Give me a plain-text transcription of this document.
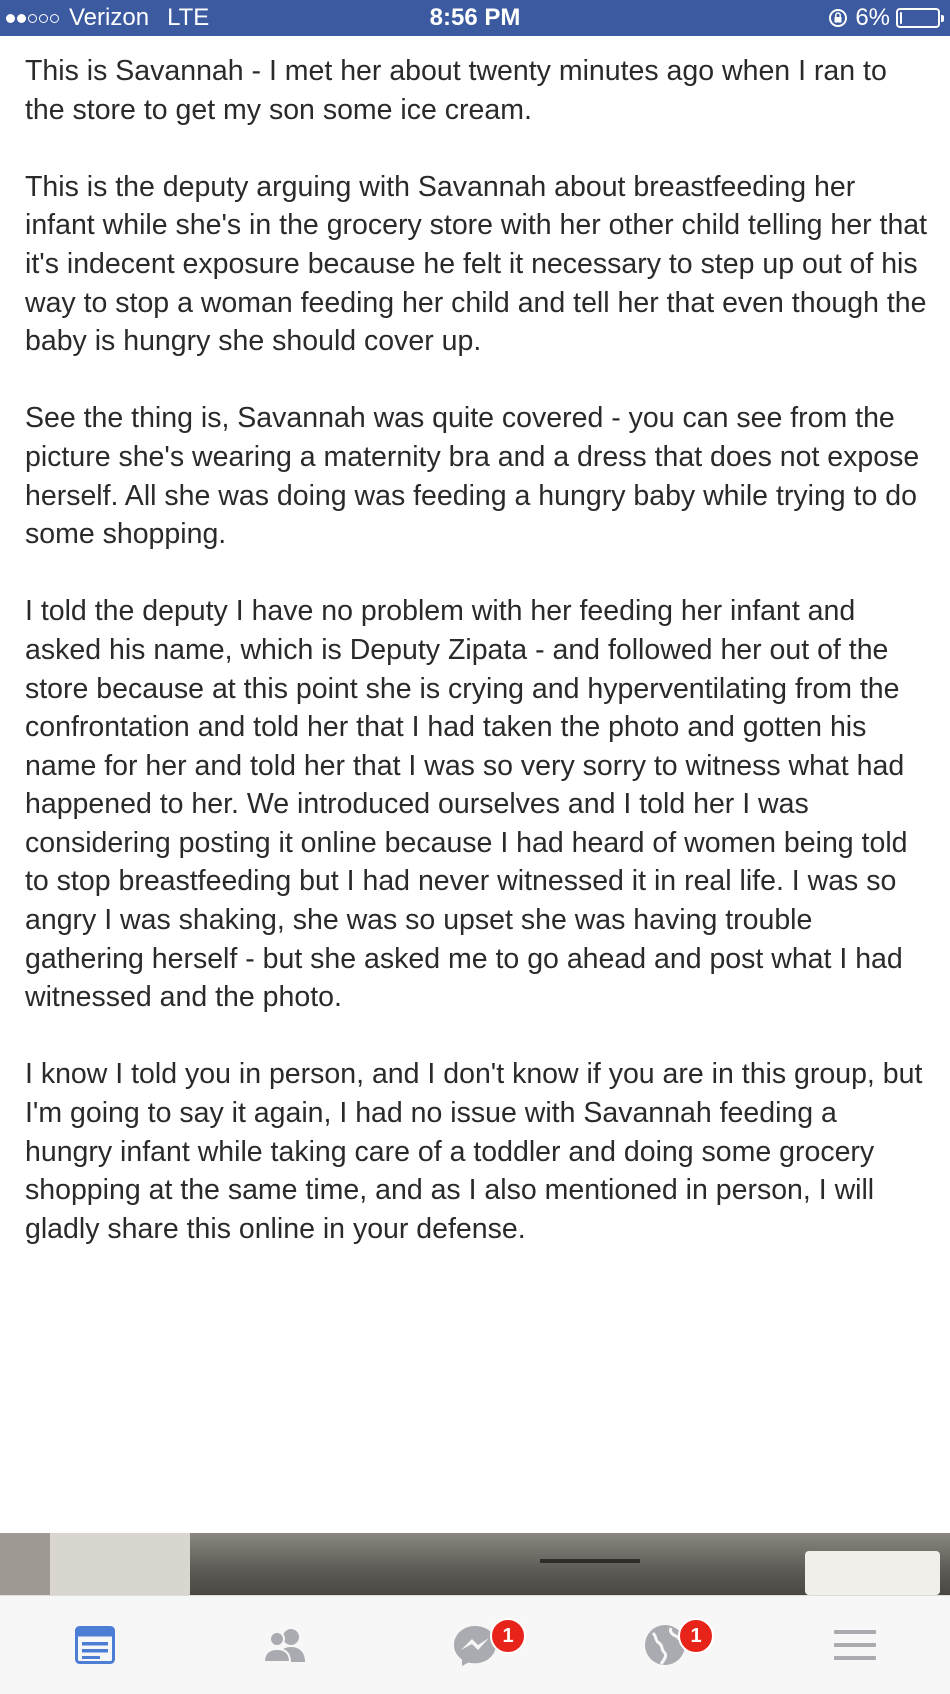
Verizon LTE	8:56 PM	6%

This is Savannah - I met her about twenty minutes ago when I ran to the store to get my son some ice cream.

This is the deputy arguing with Savannah about breastfeeding her infant while she's in the grocery store with her other child telling her that it's indecent exposure because he felt it necessary to step up out of his way to stop a woman feeding her child and tell her that even though the baby is hungry she should cover up.

See the thing is, Savannah was quite covered - you can see from the picture she's wearing a maternity bra and a dress that does not expose herself. All she was doing was feeding a hungry baby while trying to do some shopping.

I told the deputy I have no problem with her feeding her infant and asked his name, which is Deputy Zipata - and followed her out of the store because at this point she is crying and hyperventilating from the confrontation and told her that I had taken the photo and gotten his name for her and told her that I was so very sorry to witness what had happened to her. We introduced ourselves and I told her I was considering posting it online because I had heard of women being told to stop breastfeeding but I had never witnessed it in real life. I was so angry I was shaking, she was so upset she was having trouble gathering herself - but she asked me to go ahead and post what I had witnessed and the photo.

I know I told you in person, and I don't know if you are in this group, but I'm going to say it again, I had no issue with Savannah feeding a hungry infant while taking care of a toddler and doing some grocery shopping at the same time, and as I also mentioned in person, I will gladly share this online in your defense.

1	1
